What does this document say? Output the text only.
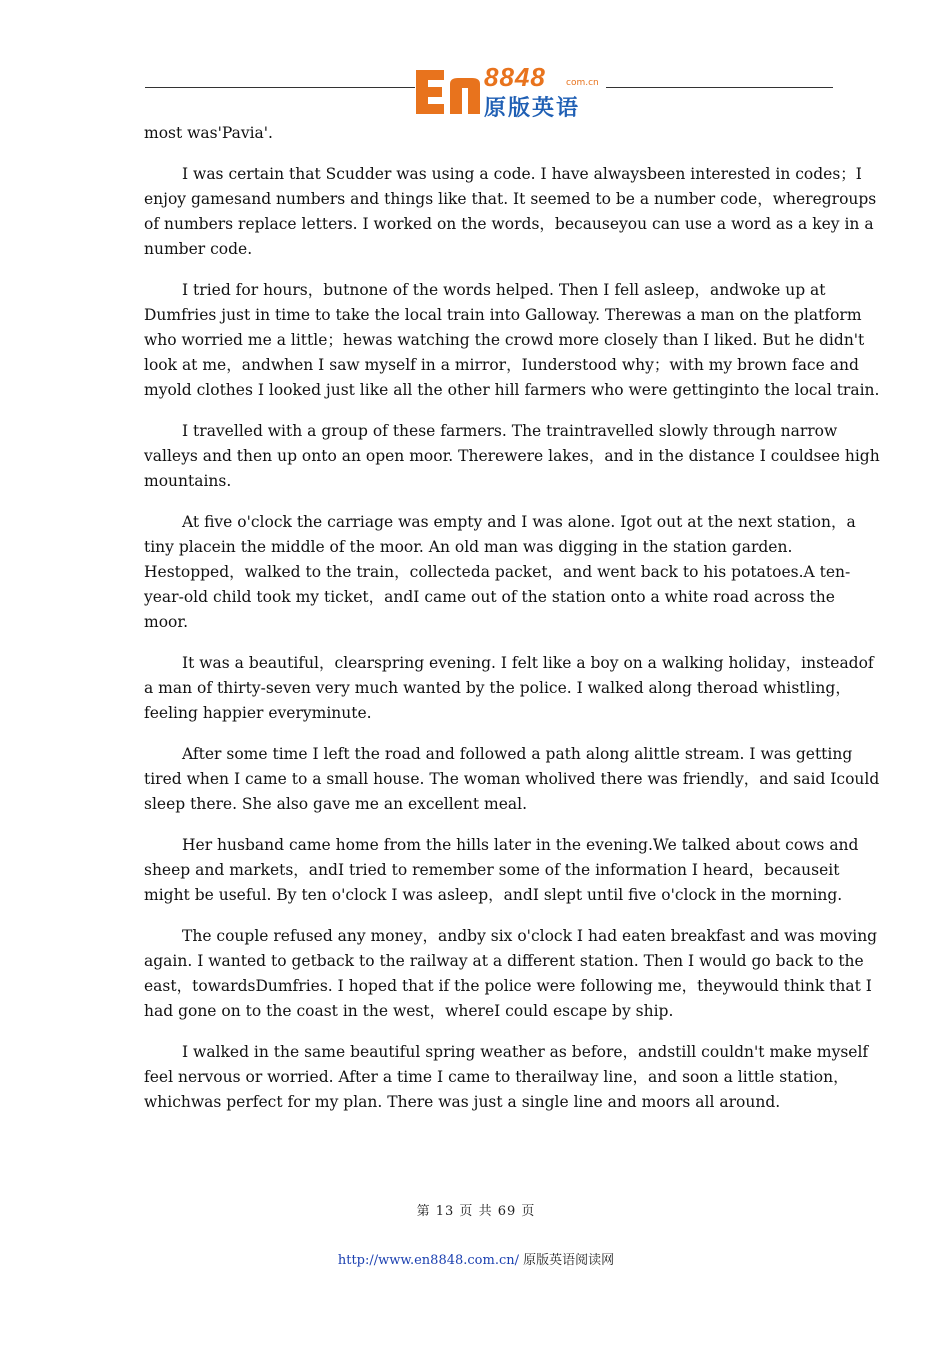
8848 com.cn
原版英语

most was'Pavia'.

I was certain that Scudder was using a code. I have alwaysbeen interested in codes；I enjoy gamesand numbers and things like that. It seemed to be a number code，wheregroups of numbers replace letters. I worked on the words，becauseyou can use a word as a key in a number code.

I tried for hours，butnone of the words helped. Then I fell asleep，andwoke up at Dumfries just in time to take the local train into Galloway. Therewas a man on the platform who worried me a little；hewas watching the crowd more closely than I liked. But he didn't look at me，andwhen I saw myself in a mirror，Iunderstood why；with my brown face and myold clothes I looked just like all the other hill farmers who were gettinginto the local train.

I travelled with a group of these farmers. The traintravelled slowly through narrow valleys and then up onto an open moor. Therewere lakes，and in the distance I couldsee high mountains.

At five o'clock the carriage was empty and I was alone. Igot out at the next station，a tiny placein the middle of the moor. An old man was digging in the station garden. Hestopped，walked to the train，collecteda packet，and went back to his potatoes.A ten-year-old child took my ticket，andI came out of the station onto a white road across the moor.

It was a beautiful，clearspring evening. I felt like a boy on a walking holiday，insteadof a man of thirty-seven very much wanted by the police. I walked along theroad whistling，feeling happier everyminute.

After some time I left the road and followed a path along alittle stream. I was getting tired when I came to a small house. The woman wholived there was friendly，and said Icould sleep there. She also gave me an excellent meal.

Her husband came home from the hills later in the evening.We talked about cows and sheep and markets，andI tried to remember some of the information I heard，becauseit might be useful. By ten o'clock I was asleep，andI slept until five o'clock in the morning.

The couple refused any money，andby six o'clock I had eaten breakfast and was moving again. I wanted to getback to the railway at a different station. Then I would go back to the east，towardsDumfries. I hoped that if the police were following me，theywould think that I had gone on to the coast in the west，whereI could escape by ship.

I walked in the same beautiful spring weather as before，andstill couldn't make myself feel nervous or worried. After a time I came to therailway line，and soon a little station，whichwas perfect for my plan. There was just a single line and moors all around.

第 13 页 共 69 页
http://www.en8848.com.cn/ 原版英语阅读网
